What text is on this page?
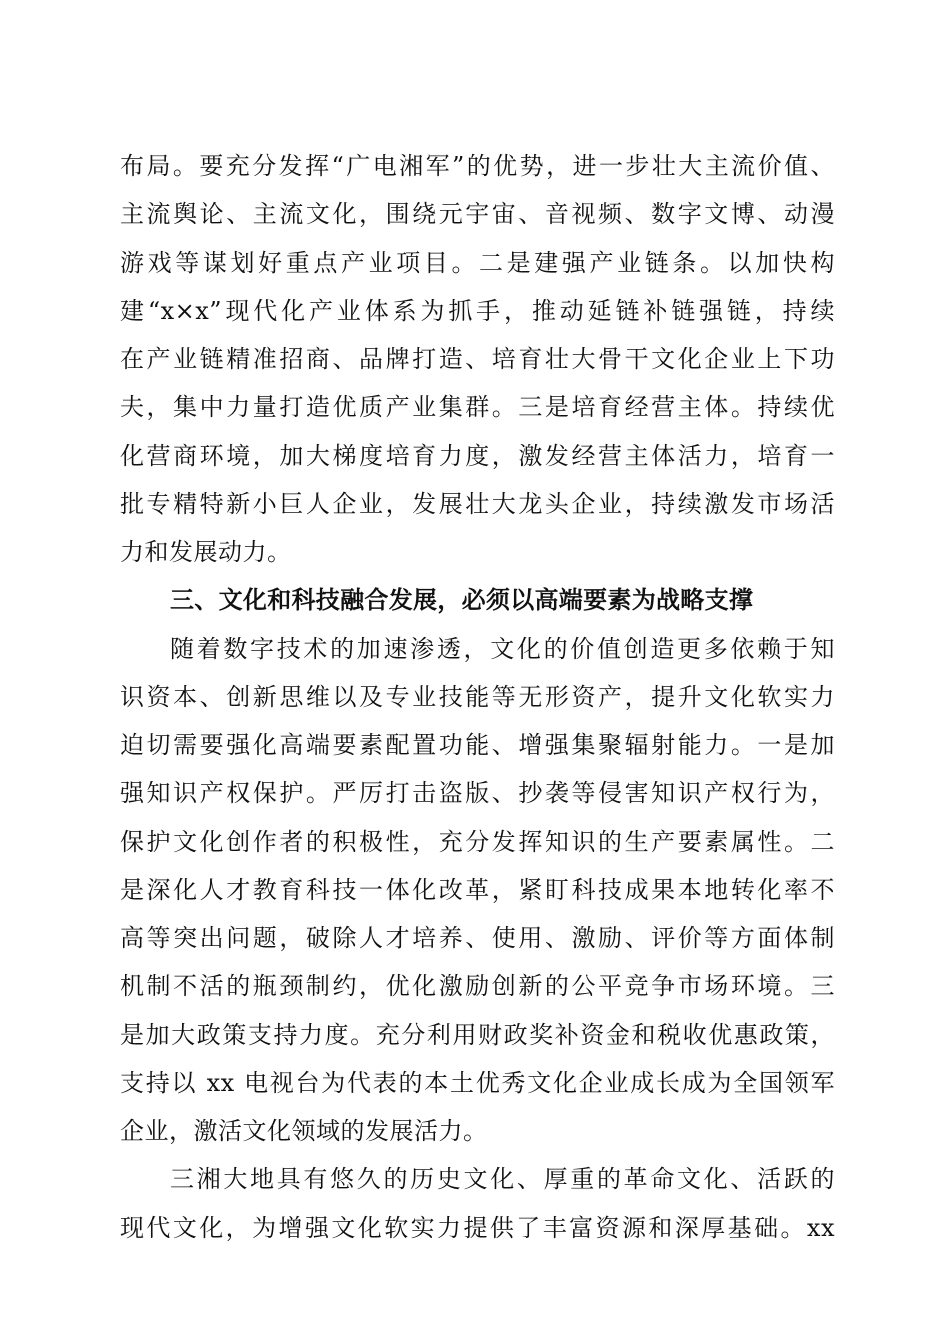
布局。要充分发挥“广电湘军”的优势，进一步壮大主流价值、
主流舆论、主流文化，围绕元宇宙、音视频、数字文博、动漫
游戏等谋划好重点产业项目。二是建强产业链条。以加快构
建“x×x”现代化产业体系为抓手，推动延链补链强链，持续
在产业链精准招商、品牌打造、培育壮大骨干文化企业上下功
夫，集中力量打造优质产业集群。三是培育经营主体。持续优
化营商环境，加大梯度培育力度，激发经营主体活力，培育一
批专精特新小巨人企业，发展壮大龙头企业，持续激发市场活
力和发展动力。
三、文化和科技融合发展，必须以高端要素为战略支撑
随着数字技术的加速渗透，文化的价值创造更多依赖于知
识资本、创新思维以及专业技能等无形资产，提升文化软实力
迫切需要强化高端要素配置功能、增强集聚辐射能力。一是加
强知识产权保护。严厉打击盗版、抄袭等侵害知识产权行为，
保护文化创作者的积极性，充分发挥知识的生产要素属性。二
是深化人才教育科技一体化改革，紧盯科技成果本地转化率不
高等突出问题，破除人才培养、使用、激励、评价等方面体制
机制不活的瓶颈制约，优化激励创新的公平竞争市场环境。三
是加大政策支持力度。充分利用财政奖补资金和税收优惠政策，
支持以 xx 电视台为代表的本土优秀文化企业成长成为全国领军
企业，激活文化领域的发展活力。
三湘大地具有悠久的历史文化、厚重的革命文化、活跃的
现代文化，为增强文化软实力提供了丰富资源和深厚基础。xx
